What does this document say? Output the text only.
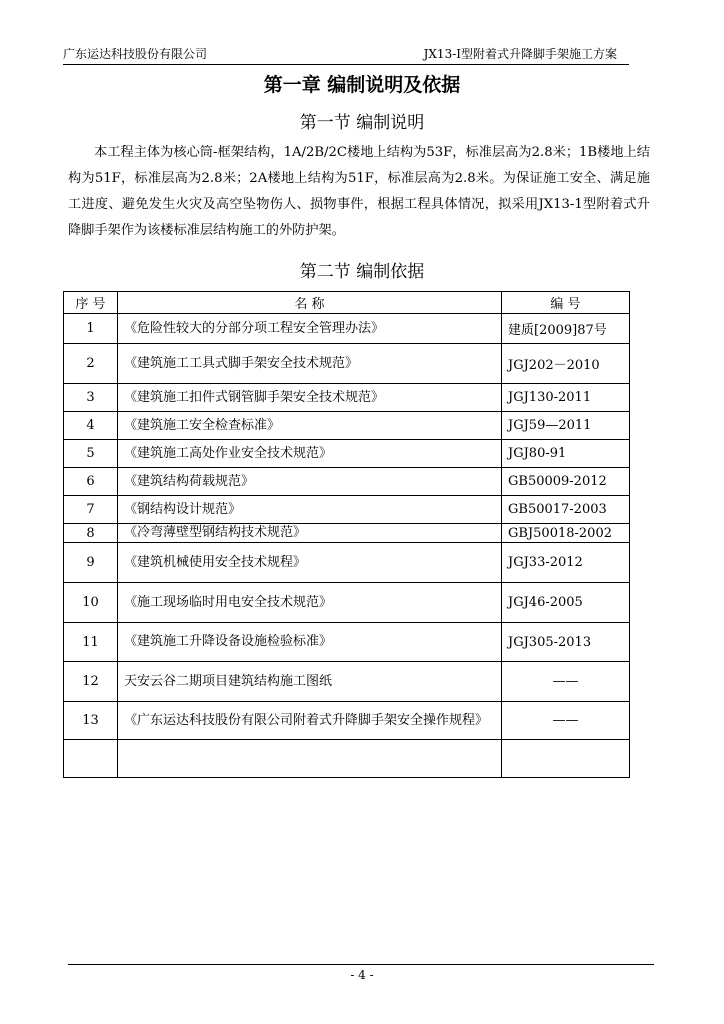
广东运达科技股份有限公司	JX13-Ⅰ型附着式升降脚手架施工方案
第一章 编制说明及依据
第一节 编制说明
本工程主体为核心筒-框架结构，1A/2B/2C楼地上结构为53F，标准层高为2.8米；1B楼地上结构为51F，标准层高为2.8米；2A楼地上结构为51F，标准层高为2.8米。为保证施工安全、满足施工进度、避免发生火灾及高空坠物伤人、损物事件，根据工程具体情况，拟采用JX13-1型附着式升降脚手架作为该楼标准层结构施工的外防护架。
第二节 编制依据
序 号	名 称	编 号
1	《危险性较大的分部分项工程安全管理办法》	建质[2009]87号
2	《建筑施工工具式脚手架安全技术规范》	JGJ202－2010
3	《建筑施工扣件式钢管脚手架安全技术规范》	JGJ130-2011
4	《建筑施工安全检查标准》	JGJ59—2011
5	《建筑施工高处作业安全技术规范》	JGJ80-91
6	《建筑结构荷载规范》	GB50009-2012
7	《钢结构设计规范》	GB50017-2003
8	《冷弯薄壁型钢结构技术规范》	GBJ50018-2002
9	《建筑机械使用安全技术规程》	JGJ33-2012
10	《施工现场临时用电安全技术规范》	JGJ46-2005
11	《建筑施工升降设备设施检验标准》	JGJ305-2013
12	天安云谷二期项目建筑结构施工图纸	——
13	《广东运达科技股份有限公司附着式升降脚手架安全操作规程》	——

- 4 -
